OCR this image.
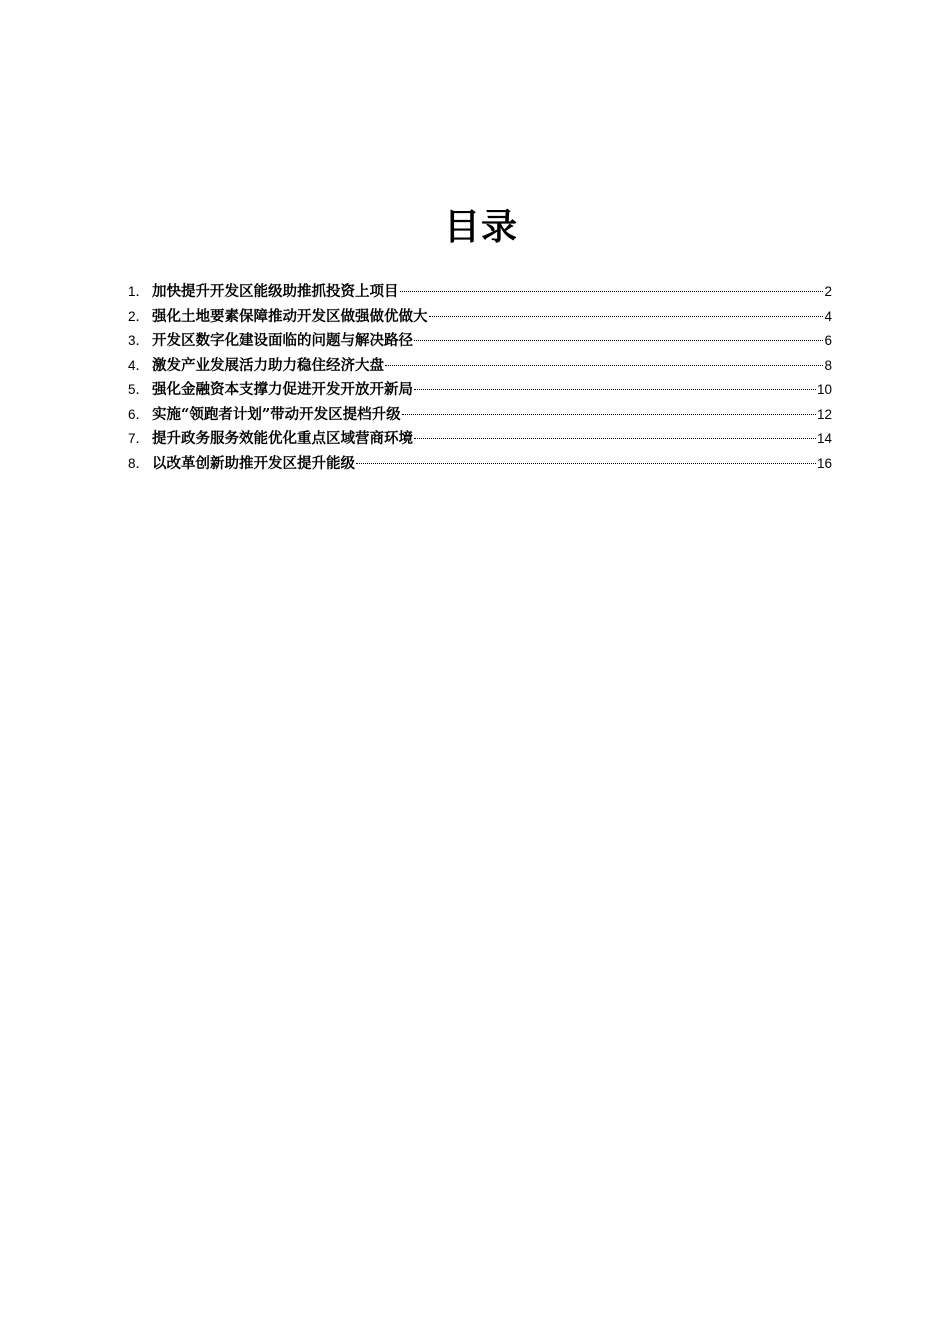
目录
1． 加快提升开发区能级助推抓投资上项目	2
2． 强化土地要素保障推动开发区做强做优做大	4
3． 开发区数字化建设面临的问题与解决路径	6
4． 激发产业发展活力助力稳住经济大盘	8
5． 强化金融资本支撑力促进开发开放开新局	10
6． 实施“领跑者计划”带动开发区提档升级	12
7． 提升政务服务效能优化重点区域营商环境	14
8． 以改革创新助推开发区提升能级	16
